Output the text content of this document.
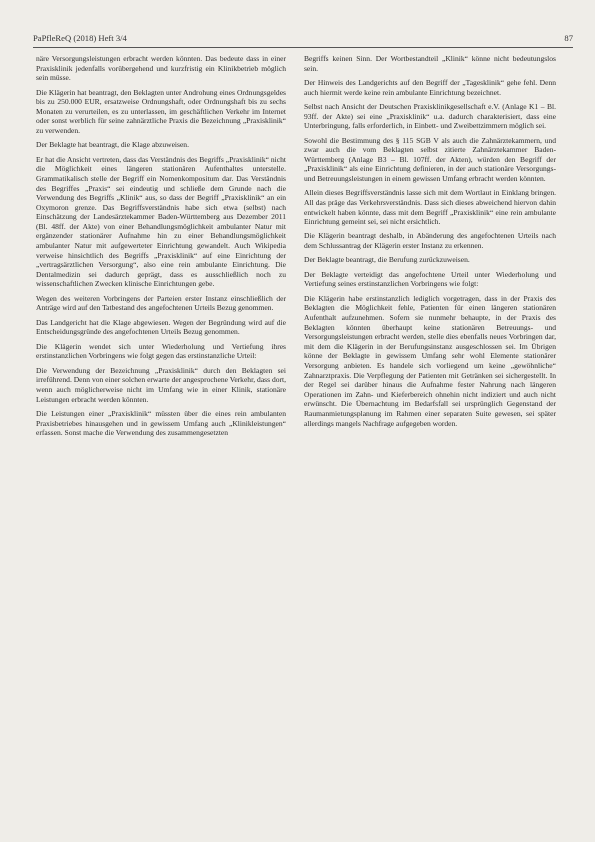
PaPfleReQ (2018) Heft 3/4	87

näre Versorgungsleistungen erbracht werden könnten. Das bedeute dass in einer Praxisklinik jedenfalls vorübergehend und kurzfristig ein Klinikbetrieb möglich sein müsse.

Die Klägerin hat beantragt, den Beklagten unter Androhung eines Ordnungsgeldes bis zu 250.000 EUR, ersatzweise Ordnungshaft, oder Ordnungshaft bis zu sechs Monaten zu verurteilen, es zu unterlassen, im geschäftlichen Verkehr im Internet oder sonst werblich für seine zahnärztliche Praxis die Bezeichnung „Praxisklinik“ zu verwenden.

Der Beklagte hat beantragt, die Klage abzuweisen.

Er hat die Ansicht vertreten, dass das Verständnis des Begriffs „Praxisklinik“ nicht die Möglichkeit eines längeren stationären Aufenthaltes unterstelle. Grammatikalisch stelle der Begriff ein Nomenkompositum dar. Das Verständnis des Begriffes „Praxis“ sei eindeutig und schließe dem Grunde nach die Verwendung des Begriffs „Klinik“ aus, so dass der Begriff „Praxisklinik“ an ein Oxymoron grenze. Das Begriffsverständnis habe sich etwa (selbst) nach Einschätzung der Landesärztekammer Baden-Württemberg aus Dezember 2011 (Bl. 48ff. der Akte) von einer Behandlungsmöglichkeit ambulanter Natur mit ergänzender stationärer Aufnahme hin zu einer Behandlungsmöglichkeit ambulanter Natur mit aufgewerteter Einrichtung gewandelt. Auch Wikipedia verweise hinsichtlich des Begriffs „Praxisklinik“ auf eine Einrichtung der „vertragsärztlichen Versorgung“, also eine rein ambulante Einrichtung. Die Dentalmedizin sei dadurch geprägt, dass es ausschließlich noch zu wissenschaftlichen Zwecken klinische Einrichtungen gebe.

Wegen des weiteren Vorbringens der Parteien erster Instanz einschließlich der Anträge wird auf den Tatbestand des angefochtenen Urteils Bezug genommen.

Das Landgericht hat die Klage abgewiesen. Wegen der Begründung wird auf die Entscheidungsgründe des angefochtenen Urteils Bezug genommen.

Die Klägerin wendet sich unter Wiederholung und Vertiefung ihres erstinstanzlichen Vorbringens wie folgt gegen das erstinstanzliche Urteil:

Die Verwendung der Bezeichnung „Praxisklinik“ durch den Beklagten sei irreführend. Denn von einer solchen erwarte der angesprochene Verkehr, dass dort, wenn auch möglicherweise nicht im Umfang wie in einer Klinik, stationäre Leistungen erbracht werden könnten.

Die Leistungen einer „Praxisklinik“ müssten über die eines rein ambulanten Praxisbetriebes hinausgehen und in gewissem Umfang auch „Klinikleistungen“ erfassen. Sonst mache die Verwendung des zusammengesetzten

Begriffs keinen Sinn. Der Wortbestandteil „Klinik“ könne nicht bedeutungslos sein.

Der Hinweis des Landgerichts auf den Begriff der „Tagesklinik“ gehe fehl. Denn auch hiermit werde keine rein ambulante Einrichtung bezeichnet.

Selbst nach Ansicht der Deutschen Praxisklinikgesellschaft e.V. (Anlage K1 – Bl. 93ff. der Akte) sei eine „Praxisklinik“ u.a. dadurch charakterisiert, dass eine Unterbringung, falls erforderlich, in Einbett- und Zweibettzimmern möglich sei.

Sowohl die Bestimmung des § 115 SGB V als auch die Zahnärztekammern, und zwar auch die vom Beklagten selbst zitierte Zahnärztekammer Baden-Württemberg (Anlage B3 – Bl. 107ff. der Akten), würden den Begriff der „Praxisklinik“ als eine Einrichtung definieren, in der auch stationäre Versorgungs- und Betreuungsleistungen in einem gewissen Umfang erbracht werden könnten.

Allein dieses Begriffsverständnis lasse sich mit dem Wortlaut in Einklang bringen. All das präge das Verkehrsverständnis. Dass sich dieses abweichend hiervon dahin entwickelt haben könnte, dass mit dem Begriff „Praxisklinik“ eine rein ambulante Einrichtung gemeint sei, sei nicht ersichtlich.

Die Klägerin beantragt deshalb, in Abänderung des angefochtenen Urteils nach dem Schlussantrag der Klägerin erster Instanz zu erkennen.

Der Beklagte beantragt, die Berufung zurückzuweisen.

Der Beklagte verteidigt das angefochtene Urteil unter Wiederholung und Vertiefung seines erstinstanzlichen Vorbringens wie folgt:

Die Klägerin habe erstinstanzlich lediglich vorgetragen, dass in der Praxis des Beklagten die Möglichkeit fehle, Patienten für einen längeren stationären Aufenthalt aufzunehmen. Sofern sie nunmehr behaupte, in der Praxis des Beklagten könnten überhaupt keine stationären Betreuungs- und Versorgungsleistungen erbracht werden, stelle dies ebenfalls neues Vorbringen dar, mit dem die Klägerin in der Berufungsinstanz ausgeschlossen sei. Im Übrigen könne der Beklagte in gewissem Umfang sehr wohl Elemente stationärer Versorgung anbieten. Es handele sich vorliegend um keine „gewöhnliche“ Zahnarztpraxis. Die Verpflegung der Patienten mit Getränken sei sichergestellt. In der Regel sei darüber hinaus die Aufnahme fester Nahrung nach längeren Operationen im Zahn- und Kieferbereich ohnehin nicht indiziert und auch nicht erwünscht. Die Übernachtung im Bedarfsfall sei ursprünglich Gegenstand der Raumanmietungsplanung im Rahmen einer separaten Suite gewesen, sei später allerdings mangels Nachfrage aufgegeben worden.
